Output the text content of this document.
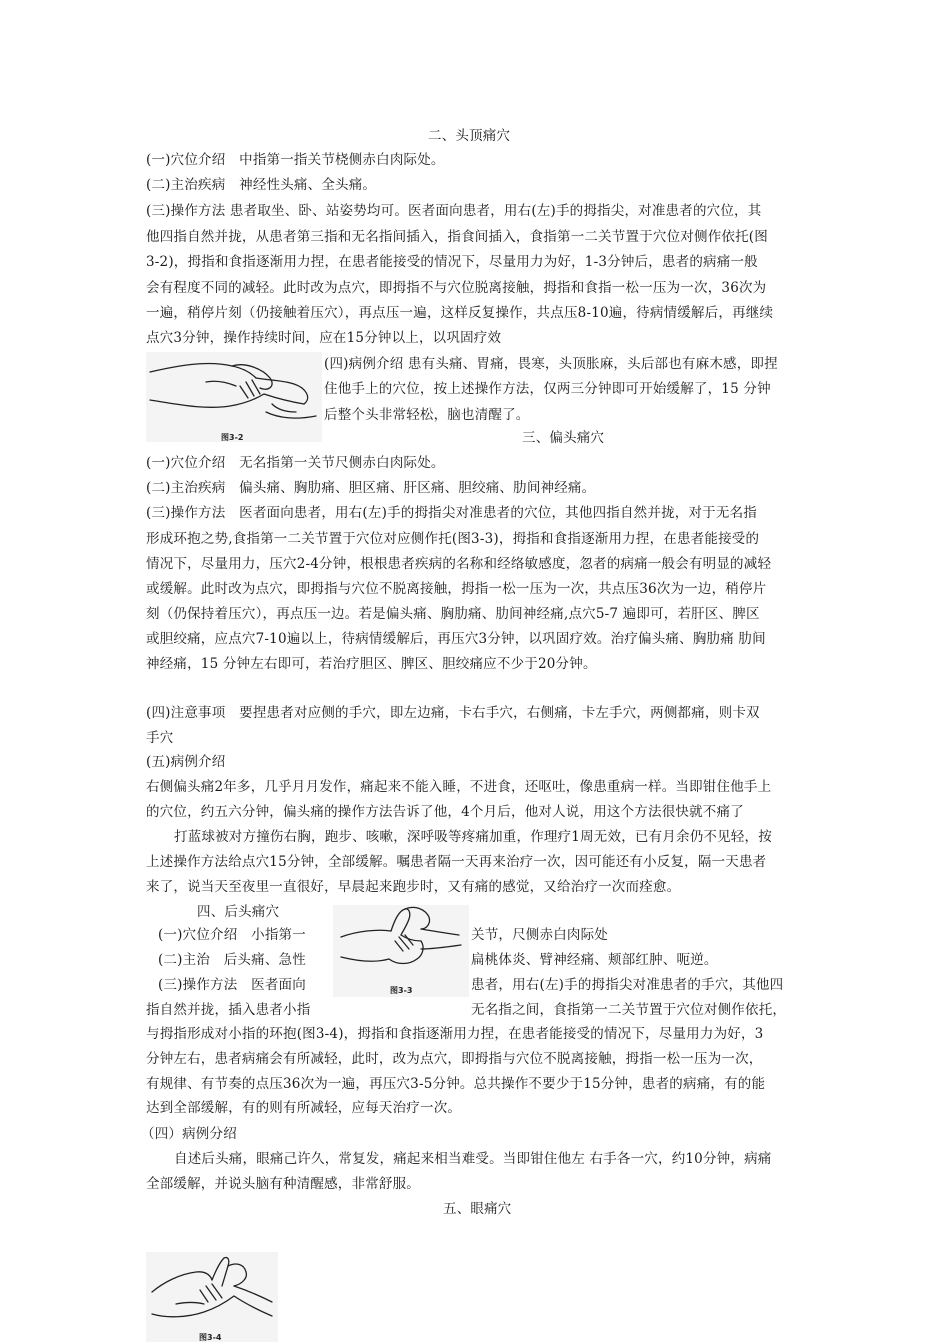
二、头顶痛穴
(一)穴位介绍　中指第一指关节桡侧赤白肉际处。
(二)主治疾病　神经性头痛、全头痛。
(三)操作方法 患者取坐、卧、站姿势均可。医者面向患者，用右(左)手的拇指尖，对准患者的穴位，其
他四指自然并拢，从患者第三指和无名指间插入，指食间插入，食指第一二关节置于穴位对侧作依托(图
3-2)，拇指和食指逐渐用力捏，在患者能接受的情况下，尽量用力为好，1-3分钟后，患者的病痛一般
会有程度不同的减轻。此时改为点穴，即拇指不与穴位脱离接触，拇指和食指一松一压为一次，36次为
一遍，稍停片刻（仍接触着压穴），再点压一遍，这样反复操作，共点压8-10遍，待病情缓解后，再继续
点穴3分钟，操作持续时间，应在15分钟以上，以巩固疗效
图3-2
(四)病例介绍 患有头痛、胃痛，畏寒，头顶胀麻，头后部也有麻木感，即捏
住他手上的穴位，按上述操作方法，仅两三分钟即可开始缓解了，15 分钟
后整个头非常轻松，脑也清醒了。
三、偏头痛穴
(一)穴位介绍　无名指第一关节尺侧赤白肉际处。
(二)主治疾病　偏头痛、胸肋痛、胆区痛、肝区痛、胆绞痛、肋间神经痛。
(三)操作方法　医者面向患者，用右(左)手的拇指尖对准患者的穴位，其他四指自然并拢，对于无名指
形成环抱之势,食指第一二关节置于穴位对应侧作托(图3-3)，拇指和食指逐渐用力捏，在患者能接受的
情况下，尽量用力，压穴2-4分钟，根根患者疾病的名称和经络敏感度，忽者的病痛一般会有明显的减轻
或缓解。此时改为点穴，即拇指与穴位不脱离接触，拇指一松一压为一次，共点压36次为一边，稍停片
刻（仍保持着压穴），再点压一边。若是偏头痛、胸肋痛、肋间神经痛,点穴5-7 遍即可，若肝区、脾区
或胆绞痛，应点穴7-10遍以上，待病情缓解后，再压穴3分钟，以巩固疗效。治疗偏头痛、胸肋痛 肋间
神经痛，15 分钟左右即可，若治疗胆区、脾区、胆绞痛应不少于20分钟。
(四)注意事项　要捏患者对应侧的手穴，即左边痛，卡右手穴，右侧痛，卡左手穴，两侧都痛，则卡双
手穴
(五)病例介绍
右侧偏头痛2年多，几乎月月发作，痛起来不能入睡，不进食，还呕吐，像患重病一样。当即钳住他手上
的穴位，约五六分钟，偏头痛的操作方法告诉了他，4个月后，他对人说，用这个方法很快就不痛了
打蓝球被对方撞伤右胸，跑步、咳嗽，深呼吸等疼痛加重，作理疗1周无效，已有月余仍不见轻，按
上述操作方法给点穴15分钟，全部缓解。嘱患者隔一天再来治疗一次，因可能还有小反复，隔一天患者
来了，说当天至夜里一直很好，早晨起来跑步时，又有痛的感觉，又给治疗一次而痊愈。
四、后头痛穴
图3-3
(一)穴位介绍　小指第一	关节，尺侧赤白肉际处
(二)主治　后头痛、急性	扁桃体炎、臂神经痛、颊部红肿、呃逆。
(三)操作方法　医者面向	患者，用右(左)手的拇指尖对准患者的手穴，其他四
指自然并拢，插入患者小指	无名指之间，食指第一二关节置于穴位对侧作依托，
与拇指形成对小指的环抱(图3-4)，拇指和食指逐渐用力捏，在患者能接受的情况下，尽量用力为好，3
分钟左右，患者病痛会有所减轻，此时，改为点穴，即拇指与穴位不脱离接触，拇指一松一压为一次，
有规律、有节奏的点压36次为一遍，再压穴3-5分钟。总共操作不要少于15分钟，患者的病痛，有的能
达到全部缓解，有的则有所减轻，应每天治疗一次。
（四）病例分绍
自述后头痛，眼痛己许久，常复发，痛起来相当难受。当即钳住他左 右手各一穴，约10分钟，病痛
全部缓解，并说头脑有种清醒感，非常舒服。
五、眼痛穴
图3-4
